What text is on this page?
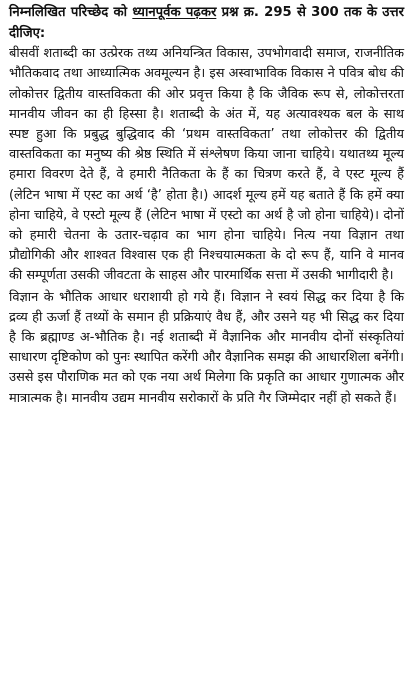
निम्नलिखित परिच्छेद को ध्यानपूर्वक पढ़कर प्रश्न क्र. 295 से 300 तक के उत्तर दीजिए:

बीसवीं शताब्दी का उत्प्रेरक तथ्य अनियन्त्रित विकास, उपभोगवादी समाज, राजनीतिक भौतिकवाद तथा आध्यात्मिक अवमूल्यन है। इस अस्वाभाविक विकास ने पवित्र बोध की लोकोत्तर द्वितीय वास्तविकता की ओर प्रवृत्त किया है कि जैविक रूप से, लोकोत्तरता मानवीय जीवन का ही हिस्सा है। शताब्दी के अंत में, यह अत्यावश्यक बल के साथ स्पष्ट हुआ कि प्रबुद्ध बुद्धिवाद की ‘प्रथम वास्तविकता’ तथा लोकोत्तर की द्वितीय वास्तविकता का मनुष्य की श्रेष्ठ स्थिति में संश्लेषण किया जाना चाहिये। यथातथ्य मूल्य हमारा विवरण देते हैं, वे हमारी नैतिकता के हैं का चित्रण करते हैं, वे एस्ट मूल्य हैं (लेटिन भाषा में एस्ट का अर्थ ‘है’ होता है।) आदर्श मूल्य हमें यह बताते हैं कि हमें क्या होना चाहिये, वे एस्टो मूल्य हैं (लेटिन भाषा में एस्टो का अर्थ है जो होना चाहिये)। दोनों को हमारी चेतना के उतार-चढ़ाव का भाग होना चाहिये। नित्य नया विज्ञान तथा प्रौद्योगिकी और शाश्वत विश्वास एक ही निश्चयात्मकता के दो रूप हैं, यानि वे मानव की सम्पूर्णता उसकी जीवटता के साहस और पारमार्थिक सत्ता में उसकी भागीदारी है।

विज्ञान के भौतिक आधार धराशायी हो गये हैं। विज्ञान ने स्वयं सिद्ध कर दिया है कि द्रव्य ही ऊर्जा हैं तथ्यों के समान ही प्रक्रियाएं वैध हैं, और उसने यह भी सिद्ध कर दिया है कि ब्रह्माण्ड अ-भौतिक है। नई शताब्दी में वैज्ञानिक और मानवीय दोनों संस्कृतियां साधारण दृष्टिकोण को पुनः स्थापित करेंगी और वैज्ञानिक समझ की आधारशिला बनेंगी। उससे इस पौराणिक मत को एक नया अर्थ मिलेगा कि प्रकृति का आधार गुणात्मक और मात्रात्मक है। मानवीय उद्यम मानवीय सरोकारों के प्रति गैर जिम्मेदार नहीं हो सकते हैं।
